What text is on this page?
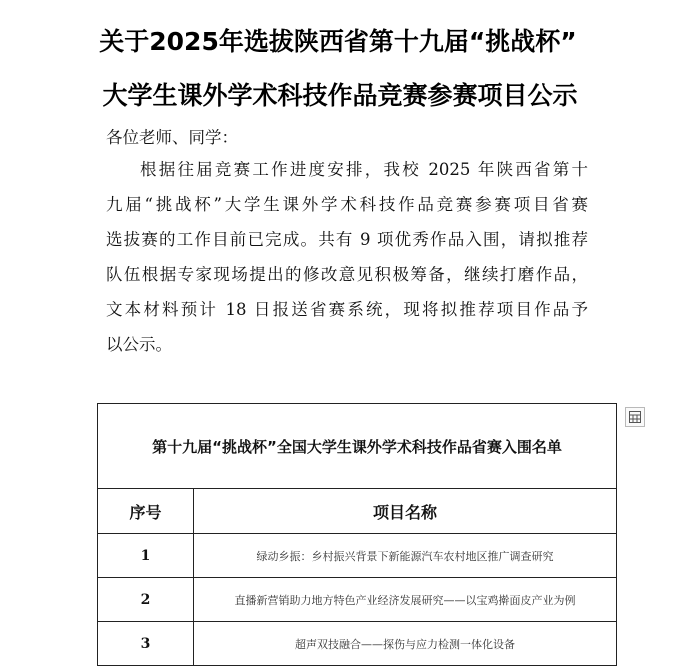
关于2025年选拔陕西省第十九届“挑战杯”
大学生课外学术科技作品竞赛参赛项目公示
各位老师、同学：
根据往届竞赛工作进度安排，我校 2025 年陕西省第十
九届“挑战杯”大学生课外学术科技作品竞赛参赛项目省赛
选拔赛的工作目前已完成。共有 9 项优秀作品入围，请拟推荐
队伍根据专家现场提出的修改意见积极筹备，继续打磨作品，
文本材料预计 18 日报送省赛系统，现将拟推荐项目作品予
以公示。
第十九届“挑战杯”全国大学生课外学术科技作品省赛入围名单	
序号	项目名称
1	绿动乡振：乡村振兴背景下新能源汽车农村地区推广调查研究
2	直播新营销助力地方特色产业经济发展研究——以宝鸡擀面皮产业为例
3	超声双技融合——探伤与应力检测一体化设备
